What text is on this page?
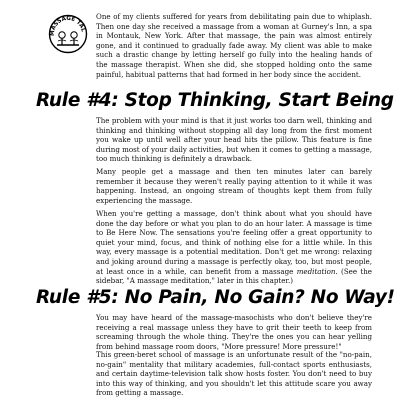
MASSAGE TAL
One of my clients suffered for years from debilitating pain due to whiplash. Then one day she received a massage from a woman at Gurney's Inn, a spa in Montauk, New York. After that massage, the pain was almost entirely gone, and it continued to gradually fade away. My client was able to make such a drastic change by letting herself go fully into the healing hands of the massage therapist. When she did, she stopped holding onto the same painful, habitual patterns that had formed in her body since the accident.
Rule #4: Stop Thinking, Start Being
The problem with your mind is that it just works too darn well, thinking and thinking and thinking without stopping all day long from the first moment you wake up until well after your head hits the pillow. This feature is fine during most of your daily activities, but when it comes to getting a massage, too much thinking is definitely a drawback.
Many people get a massage and then ten minutes later can barely remember it because they weren't really paying attention to it while it was happening. Instead, an ongoing stream of thoughts kept them from fully experiencing the massage.
When you're getting a massage, don't think about what you should have done the day before or what you plan to do an hour later. A massage is time to Be Here Now. The sensations you're feeling offer a great opportunity to quiet your mind, focus, and think of nothing else for a little while. In this way, every massage is a potential meditation. Don't get me wrong: relaxing and joking around during a massage is perfectly okay, too, but most people, at least once in a while, can benefit from a massage meditation. (See the sidebar, "A massage meditation," later in this chapter.)
Rule #5: No Pain, No Gain? No Way!
You may have heard of the massage-masochists who don't believe they're receiving a real massage unless they have to grit their teeth to keep from screaming through the whole thing. They're the ones you can hear yelling from behind massage room doors, "More pressure! More pressure!"
This green-beret school of massage is an unfortunate result of the "no-pain, no-gain" mentality that military academies, full-contact sports enthusiasts, and certain daytime-television talk show hosts foster. You don't need to buy into this way of thinking, and you shouldn't let this attitude scare you away from getting a massage.
